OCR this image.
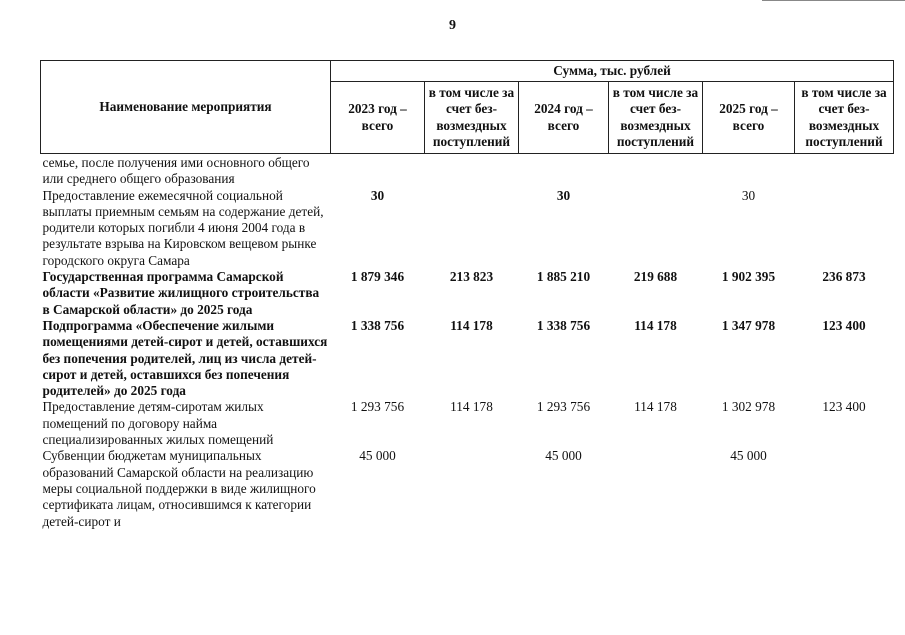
9
Наименование мероприятия	Сумма, тыс. рублей					
	2023 год – всего	в том числе за счет без-возмездных поступлений	2024 год – всего	в том числе за счет без-возмездных поступлений	2025 год – всего	в том числе за счет без-возмездных поступлений
семье, после получения ими основного общего или среднего общего образования						
Предоставление ежемесячной социальной выплаты приемным семьям на содержание детей, родители которых погибли 4 июня 2004 года в результате взрыва на Кировском вещевом рынке городского округа Самара	30		30		30	
Государственная программа Самарской области «Развитие жилищного строительства в Самарской области» до 2025 года	1 879 346	213 823	1 885 210	219 688	1 902 395	236 873
Подпрограмма «Обеспечение жилыми помещениями детей-сирот и детей, оставшихся без попечения родителей, лиц из числа детей-сирот и детей, оставшихся без попечения родителей» до 2025 года	1 338 756	114 178	1 338 756	114 178	1 347 978	123 400
Предоставление детям-сиротам жилых помещений по договору найма специализированных жилых помещений	1 293 756	114 178	1 293 756	114 178	1 302 978	123 400
Субвенции бюджетам муниципальных образований Самарской области на реализацию меры социальной поддержки в виде жилищного сертификата лицам, относившимся к категории детей-сирот и	45 000		45 000		45 000	
